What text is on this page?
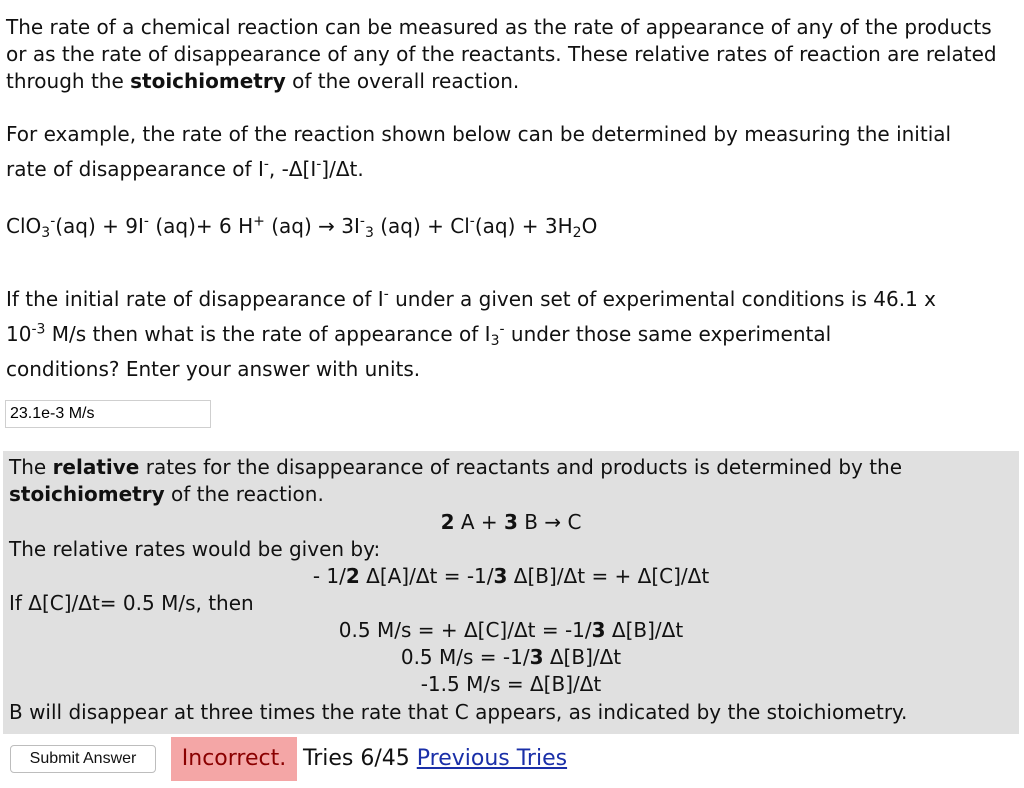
The rate of a chemical reaction can be measured as the rate of appearance of any of the products or as the rate of disappearance of any of the reactants. These relative rates of reaction are related through the stoichiometry of the overall reaction.
For example, the rate of the reaction shown below can be determined by measuring the initial
rate of disappearance of I-, -Δ[I-]/Δt.
ClO$_3$-(aq) + 9I- (aq)+ 6 H+ $(aq) \to 3I^-_3$ $(aq) + Cl^-(aq) + 3H_2O$
If the initial rate of disappearance of I- under a given set of experimental conditions is 46.1 x
$10^{-3}$ M/s then what is the rate of appearance of $I_3^-$ under those same experimental
conditions? Enter your answer with units.
23.1e-3 M/s
The relative rates for the disappearance of reactants and products is determined by the
stoichiometry of the reaction.
2 A + 3 B → C
The relative rates would be given by:
- 1/2 Δ[A]/Δt = -1/3 Δ[B]/Δt = + Δ[C]/Δt
If Δ[C]/Δt= 0.5 M/s, then
0.5 M/s = + Δ[C]/Δt = -1/3 Δ[B]/Δt
0.5 M/s = -1/3 Δ[B]/Δt
-1.5 M/s = Δ[B]/Δt
B will disappear at three times the rate that C appears, as indicated by the stoichiometry.
Submit Answer	Incorrect. Tries 6/45 Previous Tries
